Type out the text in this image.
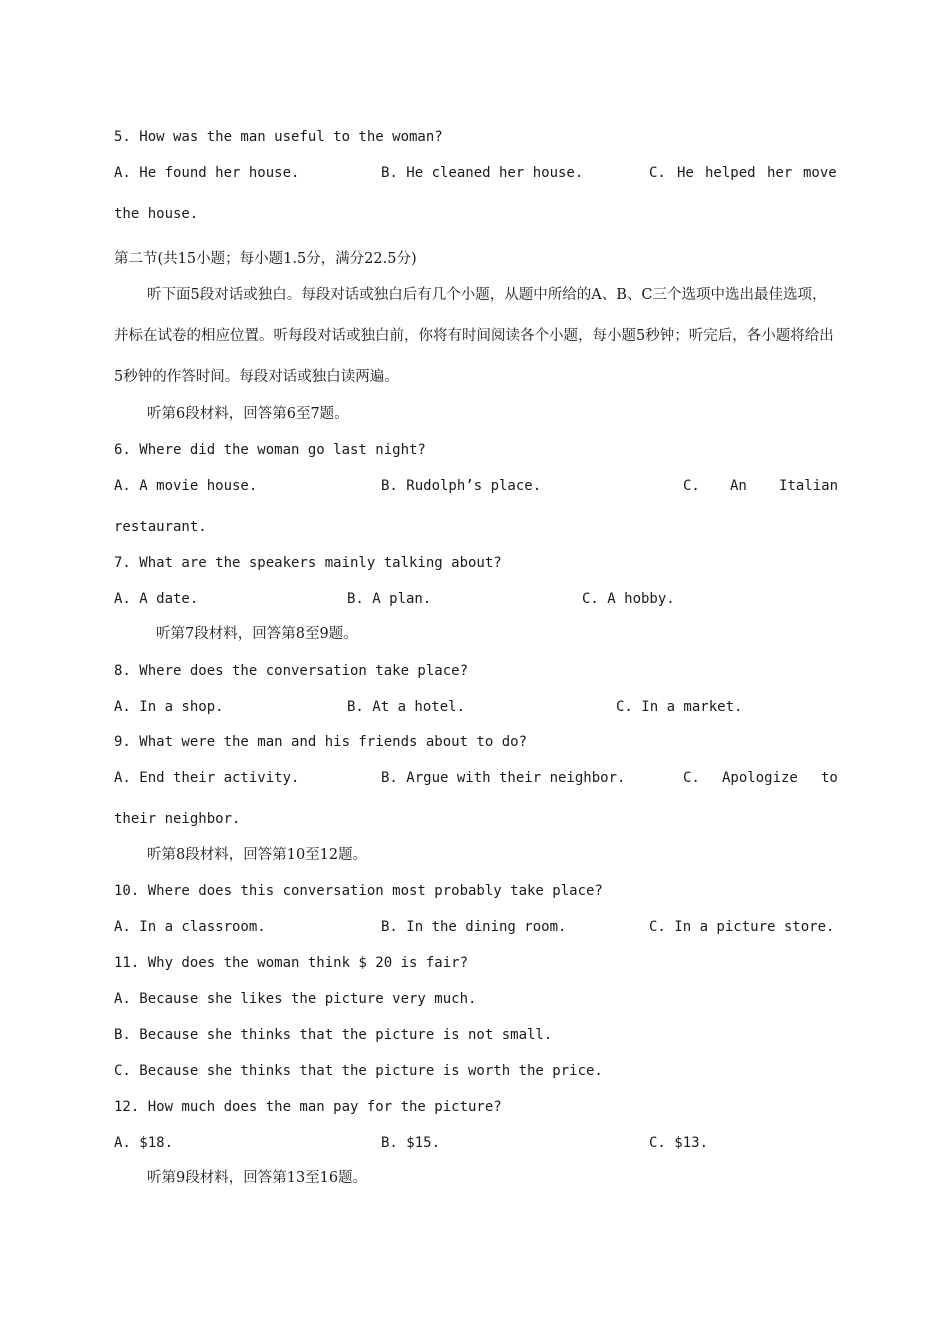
5. How was the man useful to the woman?
A. He found her house.	B. He cleaned her house.	C. He helped her move
the house.
第二节(共15小题；每小题1.5分，满分22.5分)
听下面5段对话或独白。每段对话或独白后有几个小题，从题中所给的A、B、C三个选项中选出最佳选项，并标在试卷的相应位置。听每段对话或独白前，你将有时间阅读各个小题，每小题5秒钟；听完后，各小题将给出5秒钟的作答时间。每段对话或独白读两遍。
听第6段材料，回答第6至7题。
6. Where did the woman go last night?
A. A movie house.	B. Rudolph’s place.	C. An Italian
restaurant.
7. What are the speakers mainly talking about?
A. A date.	B. A plan.	C. A hobby.
听第7段材料，回答第8至9题。
8. Where does the conversation take place?
A. In a shop.	B. At a hotel.	C. In a market.
9. What were the man and his friends about to do?
A. End their activity.	B. Argue with their neighbor.	C. Apologize to
their neighbor.
听第8段材料，回答第10至12题。
10. Where does this conversation most probably take place?
A. In a classroom.	B. In the dining room.	C. In a picture store.
11. Why does the woman think $ 20 is fair?
A. Because she likes the picture very much.
B. Because she thinks that the picture is not small.
C. Because she thinks that the picture is worth the price.
12. How much does the man pay for the picture?
A. $18.	B. $15.	C. $13.
听第9段材料，回答第13至16题。
